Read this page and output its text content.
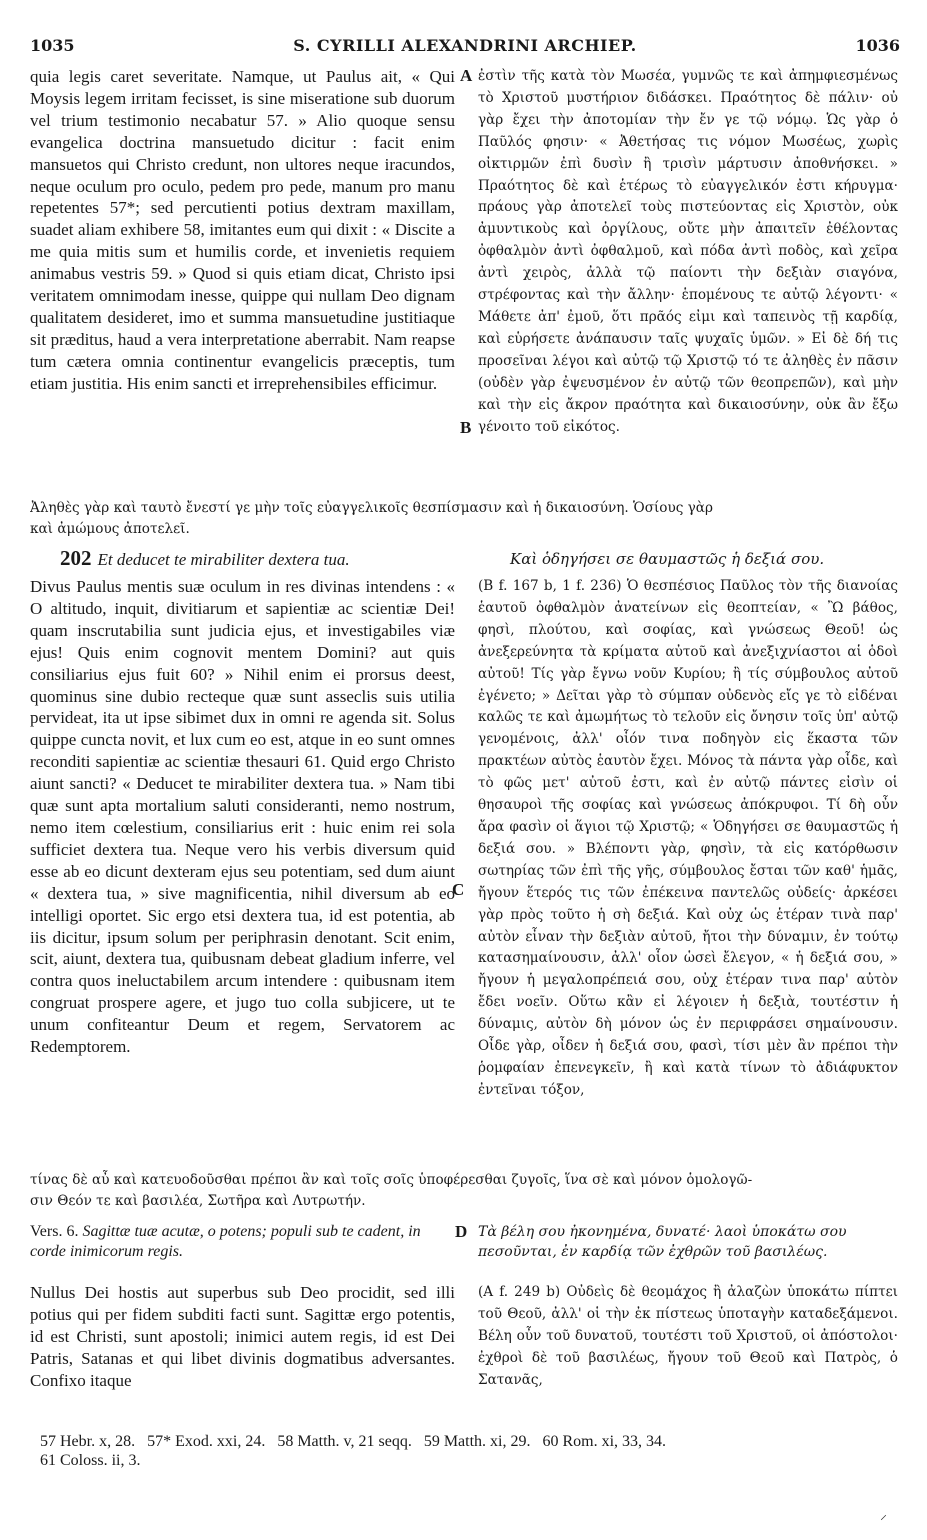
1035	S. CYRILLI ALEXANDRINI ARCHIEP.	1036

quia legis caret severitate. Namque, ut Paulus ait, « Qui Moysis legem irritam fecisset, is sine miseratione sub duorum vel trium testimonio necabatur 57. » Alio quoque sensu evangelica doctrina mansuetudo dicitur : facit enim mansuetos qui Christo credunt, non ultores neque iracundos, neque oculum pro oculo, pedem pro pede, manum pro manu repetentes 57*; sed percutienti potius dextram maxillam, suadet aliam exhibere 58, imitantes eum qui dixit : « Discite a me quia mitis sum et humilis corde, et invenietis requiem animabus vestris 59. » Quod si quis etiam dicat, Christo ipsi veritatem omnimodam inesse, quippe qui nullam Deo dignam qualitatem desideret, imo et summa mansuetudine justitiaque sit præditus, haud a vera interpretatione aberrabit. Nam reapse tum cætera omnia continentur evangelicis præceptis, tum etiam justitia. His enim sancti et irreprehensibiles efficimur.

A
B

ἐστὶν τῆς κατὰ τὸν Μωσέα, γυμνῶς τε καὶ ἀπημφιεσμένως τὸ Χριστοῦ μυστήριον διδάσκει. Πραότητος δὲ πάλιν· οὐ γὰρ ἔχει τὴν ἀποτομίαν τὴν ἔν γε τῷ νόμῳ. Ὡς γὰρ ὁ Παῦλός φησιν· « Ἀθετήσας τις νόμον Μωσέως, χωρὶς οἰκτιρμῶν ἐπὶ δυσὶν ἢ τρισὶν μάρτυσιν ἀποθνήσκει. » Πραότητος δὲ καὶ ἑτέρως τὸ εὐαγγελικόν ἐστι κήρυγμα· πράους γὰρ ἀποτελεῖ τοὺς πιστεύοντας εἰς Χριστὸν, οὐκ ἀμυντικοὺς καὶ ὀργίλους, οὔτε μὴν ἀπαιτεῖν ἐθέλοντας ὀφθαλμὸν ἀντὶ ὀφθαλμοῦ, καὶ πόδα ἀντὶ ποδὸς, καὶ χεῖρα ἀντὶ χειρὸς, ἀλλὰ τῷ παίοντι τὴν δεξιὰν σιαγόνα, στρέφοντας καὶ τὴν ἄλλην· ἑπομένους τε αὐτῷ λέγοντι· « Μάθετε ἀπ' ἐμοῦ, ὅτι πρᾶός εἰμι καὶ ταπεινὸς τῇ καρδίᾳ, καὶ εὑρήσετε ἀνάπαυσιν ταῖς ψυχαῖς ὑμῶν. » Εἰ δὲ δή τις προσεῖναι λέγοι καὶ αὐτῷ τῷ Χριστῷ τό τε ἀληθὲς ἐν πᾶσιν (οὐδὲν γὰρ ἐψευσμένον ἐν αὐτῷ τῶν θεοπρεπῶν), καὶ μὴν καὶ τὴν εἰς ἄκρον πραότητα καὶ δικαιοσύνην, οὐκ ἂν ἔξω γένοιτο τοῦ εἰκότος.

Ἀληθὲς γὰρ καὶ ταυτὸ ἔνεστί γε μὴν τοῖς εὐαγγελικοῖς θεσπίσμασιν καὶ ἡ δικαιοσύνη. Ὁσίους γὰρ

καὶ ἀμώμους ἀποτελεῖ.

202 Et deducet te mirabiliter dextera tua.	Καὶ ὁδηγήσει σε θαυμαστῶς ἡ δεξιά σου.

Divus Paulus mentis suæ oculum in res divinas intendens : « O altitudo, inquit, divitiarum et sapientiæ ac scientiæ Dei! quam inscrutabilia sunt judicia ejus, et investigabiles viæ ejus! Quis enim cognovit mentem Domini? aut quis consiliarius ejus fuit 60? » Nihil enim ei prorsus deest, quominus sine dubio recteque quæ sunt asseclis suis utilia pervideat, ita ut ipse sibimet dux in omni re agenda sit. Solus quippe cuncta novit, et lux cum eo est, atque in eo sunt omnes reconditi sapientiæ ac scientiæ thesauri 61. Quid ergo Christo aiunt sancti? « Deducet te mirabiliter dextera tua. » Nam tibi quæ sunt apta mortalium saluti consideranti, nemo nostrum, nemo item cœlestium, consiliarius erit : huic enim rei sola sufficiet dextera tua. Neque vero his verbis diversum quid esse ab eo dicunt dexteram ejus seu potentiam, sed dum aiunt « dextera tua, » sive magnificentia, nihil diversum ab eo intelligi oportet. Sic ergo etsi dextera tua, id est potentia, ab iis dicitur, ipsum solum per periphrasin denotant. Scit enim, scit, aiunt, dextera tua, quibusnam debeat gladium inferre, vel contra quos ineluctabilem arcum intendere : quibusnam item congruat prospere agere, et jugo tuo colla subjicere, ut te unum confiteantur Deum et regem, Servatorem ac Redemptorem.

C

(B f. 167 b, 1 f. 236) Ὁ θεσπέσιος Παῦλος τὸν τῆς διανοίας ἑαυτοῦ ὀφθαλμὸν ἀνατείνων εἰς θεοπτείαν, « Ὢ βάθος, φησὶ, πλούτου, καὶ σοφίας, καὶ γνώσεως Θεοῦ! ὡς ἀνεξερεύνητα τὰ κρίματα αὐτοῦ καὶ ἀνεξιχνίαστοι αἱ ὁδοὶ αὐτοῦ! Τίς γὰρ ἔγνω νοῦν Κυρίου; ἢ τίς σύμβουλος αὐτοῦ ἐγένετο; » Δεῖται γὰρ τὸ σύμπαν οὐδενὸς εἴς γε τὸ εἰδέναι καλῶς τε καὶ ἀμωμήτως τὸ τελοῦν εἰς ὄνησιν τοῖς ὑπ' αὐτῷ γενομένοις, ἀλλ' οἷόν τινα ποδηγὸν εἰς ἕκαστα τῶν πρακτέων αὐτὸς ἑαυτὸν ἔχει. Μόνος τὰ πάντα γὰρ οἶδε, καὶ τὸ φῶς μετ' αὐτοῦ ἐστι, καὶ ἐν αὐτῷ πάντες εἰσὶν οἱ θησαυροὶ τῆς σοφίας καὶ γνώσεως ἀπόκρυφοι. Τί δὴ οὖν ἄρα φασὶν οἱ ἅγιοι τῷ Χριστῷ; « Ὁδηγήσει σε θαυμαστῶς ἡ δεξιά σου. » Βλέποντι γὰρ, φησὶν, τὰ εἰς κατόρθωσιν σωτηρίας τῶν ἐπὶ τῆς γῆς, σύμβουλος ἔσται τῶν καθ' ἡμᾶς, ἤγουν ἕτερός τις τῶν ἐπέκεινα παντελῶς οὐδείς· ἀρκέσει γὰρ πρὸς τοῦτο ἡ σὴ δεξιά. Καὶ οὐχ ὡς ἑτέραν τινὰ παρ' αὐτὸν εἶναν τὴν δεξιὰν αὐτοῦ, ἤτοι τὴν δύναμιν, ἐν τούτῳ κατασημαίνουσιν, ἀλλ' οἷον ὡσεὶ ἔλεγον, « ἡ δεξιά σου, » ἤγουν ἡ μεγαλοπρέπειά σου, οὐχ ἑτέραν τινα παρ' αὐτὸν ἔδει νοεῖν. Οὕτω κἂν εἰ λέγοιεν ἡ δεξιὰ, τουτέστιν ἡ δύναμις, αὐτὸν δὴ μόνον ὡς ἐν περιφράσει σημαίνουσιν. Οἶδε γὰρ, οἶδεν ἡ δεξιά σου, φασὶ, τίσι μὲν ἂν πρέποι τὴν ῥομφαίαν ἐπενεγκεῖν, ἢ καὶ κατὰ τίνων τὸ ἀδιάφυκτον ἐντεῖναι τόξον,

τίνας δὲ αὖ καὶ κατευοδοῦσθαι πρέποι ἂν καὶ τοῖς σοῖς ὑποφέρεσθαι ζυγοῖς, ἵνα σὲ καὶ μόνον ὁμολογῶ-

σιν Θεόν τε καὶ βασιλέα, Σωτῆρα καὶ Λυτρωτήν.

Vers. 6. Sagittæ tuæ acutæ, o potens; populi sub te cadent, in corde inimicorum regis.
D Τὰ βέλη σου ἠκονημένα, δυνατέ· λαοὶ ὑποκάτω σου πεσοῦνται, ἐν καρδίᾳ τῶν ἐχθρῶν τοῦ βασιλέως.

Nullus Dei hostis aut superbus sub Deo procidit, sed illi potius qui per fidem subditi facti sunt. Sagittæ ergo potentis, id est Christi, sunt apostoli; inimici autem regis, id est Dei Patris, Satanas et qui libet divinis dogmatibus adversantes. Confixo itaque

(A f. 249 b) Οὐδεὶς δὲ θεομάχος ἢ ἀλαζὼν ὑποκάτω πίπτει τοῦ Θεοῦ, ἀλλ' οἱ τὴν ἐκ πίστεως ὑποταγὴν καταδεξάμενοι. Βέλη οὖν τοῦ δυνατοῦ, τουτέστι τοῦ Χριστοῦ, οἱ ἀπόστολοι· ἐχθροὶ δὲ τοῦ βασιλέως, ἤγουν τοῦ Θεοῦ καὶ Πατρὸς, ὁ Σατανᾶς,

57 Hebr. x, 28.   57* Exod. xxi, 24.   58 Matth. v, 21 seqq.   59 Matth. xi, 29.   60 Rom. xi, 33, 34.
61 Coloss. ii, 3.
⸝
